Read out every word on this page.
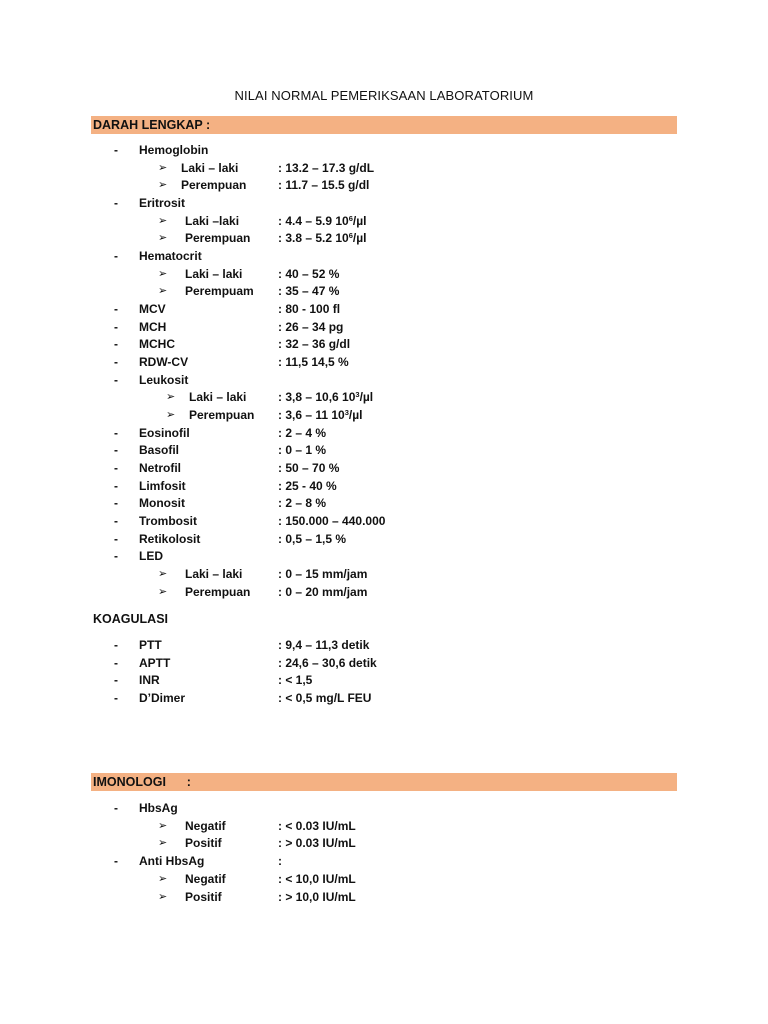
NILAI NORMAL PEMERIKSAAN LABORATORIUM
DARAH LENGKAP :
- Hemoglobin
➢ Laki – laki	: 13.2 – 17.3 g/dL
➢ Perempuan	: 11.7 – 15.5 g/dl
- Eritrosit
➢ Laki –laki	: 4.4 – 5.9 $10^6/\mu l$
➢ Perempuan : 3.8 – 5.2 $10^6/\mu l$
- Hematocrit
➢ Laki – laki	: 40 – 52 %
➢ Perempuam : 35 – 47 %
- MCV	: 80 - 100 fl
- MCH	: 26 – 34 pg
- MCHC	: 32 – 36 g/dl
- RDW-CV	: 11,5 14,5 %
- Leukosit
➢ Laki – laki	: 3,8 – 10,6 $10^3/\mu l$
➢ Perempuan : 3,6 – 11 $10^3/\mu l$
- Eosinofil	: 2 – 4 %
- Basofil	: 0 – 1 %
- Netrofil	: 50 – 70 %
- Limfosit	: 25 - 40 %
- Monosit	: 2 – 8 %
- Trombosit	: 150.000 – 440.000
- Retikolosit	: 0,5 – 1,5 %
- LED
➢ Laki – laki	: 0 – 15 mm/jam
➢ Perempuan : 0 – 20 mm/jam
KOAGULASI
- PTT	: 9,4 – 11,3 detik
- APTT	: 24,6 – 30,6 detik
- INR	: < 1,5
- D’Dimer	: < 0,5 mg/L FEU
IMONOLOGI      :
- HbsAg
➢ Negatif	: < 0.03 IU/mL
➢ Positif	: > 0.03 IU/mL
- Anti HbsAg	:
➢ Negatif	: < 10,0 IU/mL
➢ Positif	: > 10,0 IU/mL
